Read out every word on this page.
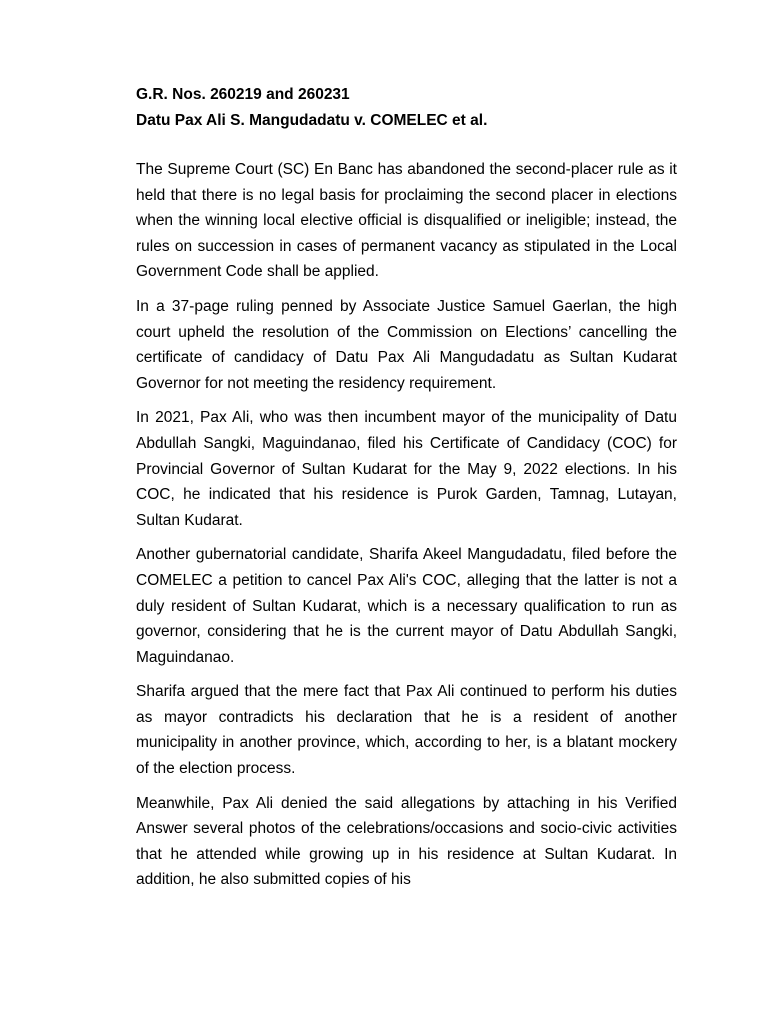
G.R. Nos. 260219 and 260231

Datu Pax Ali S. Mangudadatu v. COMELEC et al.

The Supreme Court (SC) En Banc has abandoned the second-placer rule as it held that there is no legal basis for proclaiming the second placer in elections when the winning local elective official is disqualified or ineligible; instead, the rules on succession in cases of permanent vacancy as stipulated in the Local Government Code shall be applied.

In a 37-page ruling penned by Associate Justice Samuel Gaerlan, the high court upheld the resolution of the Commission on Elections’ cancelling the certificate of candidacy of Datu Pax Ali Mangudadatu as Sultan Kudarat Governor for not meeting the residency requirement.

In 2021, Pax Ali, who was then incumbent mayor of the municipality of Datu Abdullah Sangki, Maguindanao, filed his Certificate of Candidacy (COC) for Provincial Governor of Sultan Kudarat for the May 9, 2022 elections. In his COC, he indicated that his residence is Purok Garden, Tamnag, Lutayan, Sultan Kudarat.

Another gubernatorial candidate, Sharifa Akeel Mangudadatu, filed before the COMELEC a petition to cancel Pax Ali's COC, alleging that the latter is not a duly resident of Sultan Kudarat, which is a necessary qualification to run as governor, considering that he is the current mayor of Datu Abdullah Sangki, Maguindanao.

Sharifa argued that the mere fact that Pax Ali continued to perform his duties as mayor contradicts his declaration that he is a resident of another municipality in another province, which, according to her, is a blatant mockery of the election process.

Meanwhile, Pax Ali denied the said allegations by attaching in his Verified Answer several photos of the celebrations/occasions and socio-civic activities that he attended while growing up in his residence at Sultan Kudarat. In addition, he also submitted copies of his
